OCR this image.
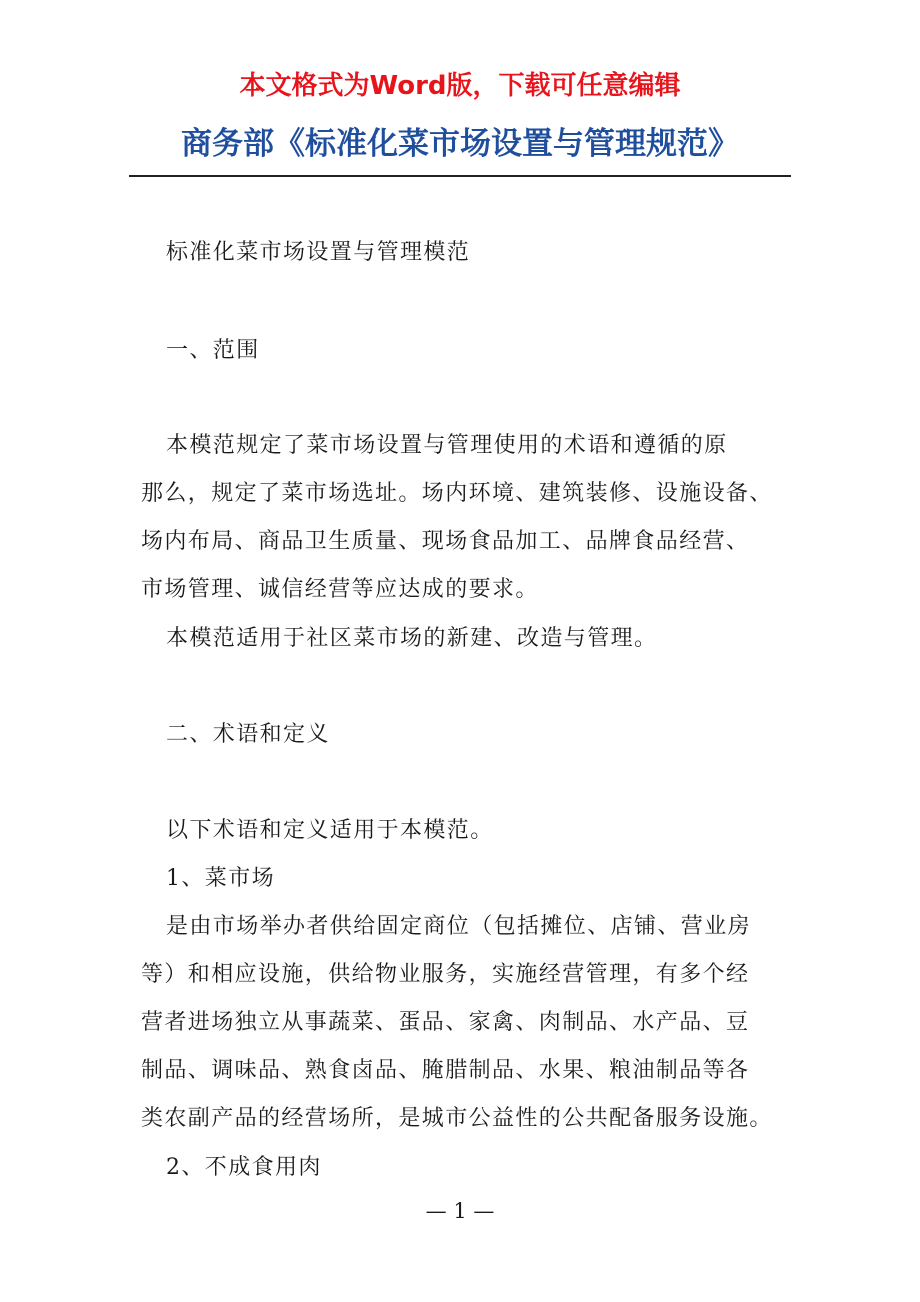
本文格式为Word版，下载可任意编辑

商务部《标准化菜市场设置与管理规范》

标准化菜市场设置与管理模范

一、范围

本模范规定了菜市场设置与管理使用的术语和遵循的原

那么，规定了菜市场选址。场内环境、建筑装修、设施设备、

场内布局、商品卫生质量、现场食品加工、品牌食品经营、

市场管理、诚信经营等应达成的要求。

本模范适用于社区菜市场的新建、改造与管理。

二、术语和定义

以下术语和定义适用于本模范。

1、菜市场

是由市场举办者供给固定商位（包括摊位、店铺、营业房

等）和相应设施，供给物业服务，实施经营管理，有多个经

营者进场独立从事蔬菜、蛋品、家禽、肉制品、水产品、豆

制品、调味品、熟食卤品、腌腊制品、水果、粮油制品等各

类农副产品的经营场所，是城市公益性的公共配备服务设施。

2、不成食用肉

— 1 —
